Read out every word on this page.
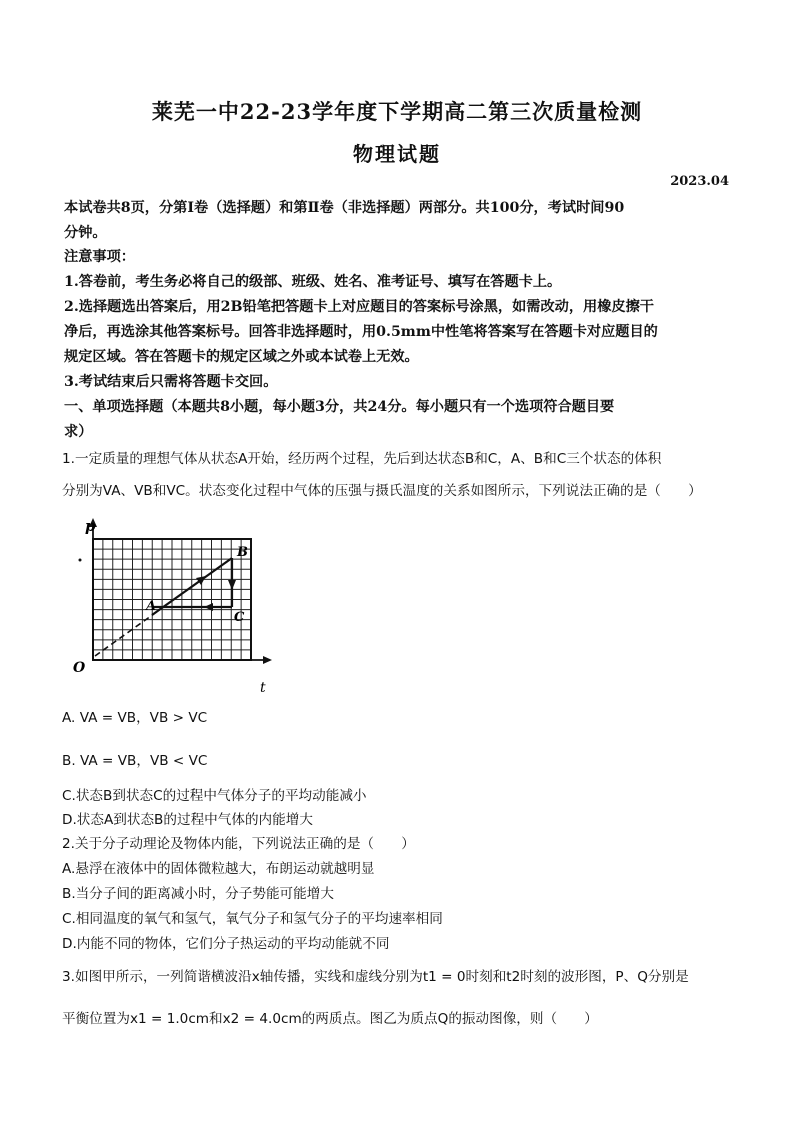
莱芜一中22-23学年度下学期高二第三次质量检测
物理试题
2023.04
本试卷共8页，分第Ⅰ卷（选择题）和第Ⅱ卷（非选择题）两部分。共100分，考试时间90
分钟。
注意事项：
1.答卷前，考生务必将自己的级部、班级、姓名、准考证号、填写在答题卡上。
2.选择题选出答案后，用2B铅笔把答题卡上对应题目的答案标号涂黑，如需改动，用橡皮擦干
净后，再选涂其他答案标号。回答非选择题时，用0.5mm中性笔将答案写在答题卡对应题目的
规定区域。答在答题卡的规定区域之外或本试卷上无效。
3.考试结束后只需将答题卡交回。
一、单项选择题（本题共8小题，每小题3分，共24分。每小题只有一个选项符合题目要
求）
1.一定质量的理想气体从状态A开始，经历两个过程，先后到达状态B和C，A、B和C三个状态的体积
分别为VA、VB和VC。状态变化过程中气体的压强与摄氏温度的关系如图所示，下列说法正确的是（　　）
p
O
t
A
B
C
A. VA = VB，VB > VC
B. VA = VB，VB < VC
C.状态B到状态C的过程中气体分子的平均动能减小
D.状态A到状态B的过程中气体的内能增大
2.关于分子动理论及物体内能，下列说法正确的是（　　）
A.悬浮在液体中的固体微粒越大，布朗运动就越明显
B.当分子间的距离减小时，分子势能可能增大
C.相同温度的氧气和氢气，氧气分子和氢气分子的平均速率相同
D.内能不同的物体，它们分子热运动的平均动能就不同
3.如图甲所示，一列简谐横波沿x轴传播，实线和虚线分别为t1 = 0时刻和t2时刻的波形图，P、Q分别是
平衡位置为x1 = 1.0cm和x2 = 4.0cm的两质点。图乙为质点Q的振动图像，则（　　）
